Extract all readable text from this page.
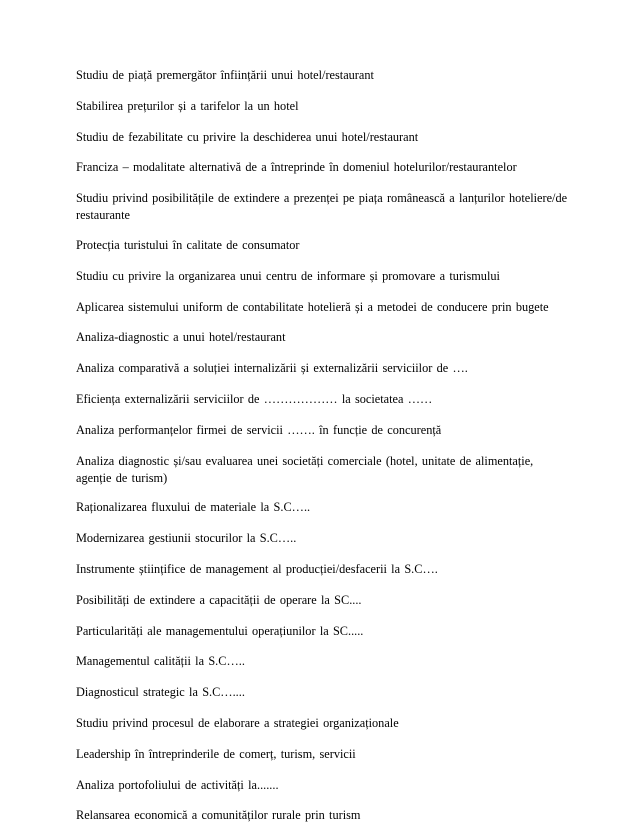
Studiu de piață premergător înființării unui hotel/restaurant
Stabilirea prețurilor și a tarifelor la un hotel
Studiu de fezabilitate cu privire la deschiderea unui hotel/restaurant
Franciza – modalitate alternativă de a întreprinde în domeniul hotelurilor/restaurantelor
Studiu privind posibilitățile de extindere a prezenței pe piața românească a lanțurilor hoteliere/de restaurante
Protecția turistului în calitate de consumator
Studiu cu privire la organizarea unui centru de informare și promovare a turismului
Aplicarea sistemului uniform de contabilitate hotelieră și a metodei de conducere prin bugete
Analiza-diagnostic a unui hotel/restaurant
Analiza comparativă a soluției internalizării și externalizării serviciilor de ….
Eficiența externalizării serviciilor de ……………… la societatea ……
Analiza performanțelor firmei de servicii ……. în funcție de concurență
Analiza diagnostic și/sau evaluarea unei societăți comerciale (hotel, unitate de alimentație, agenție de turism)
Raționalizarea fluxului de materiale la S.C…..
Modernizarea gestiunii stocurilor la S.C…..
Instrumente științifice de management al producției/desfacerii la S.C….
Posibilități de extindere a capacității de operare la SC....
Particularități ale managementului operațiunilor la SC.....
Managementul calității la S.C…..
Diagnosticul strategic la S.C…....
Studiu privind procesul de elaborare a strategiei organizaționale
Leadership în întreprinderile de comerț, turism, servicii
Analiza portofoliului de activități la.......
Relansarea economică a comunităților rurale prin turism
